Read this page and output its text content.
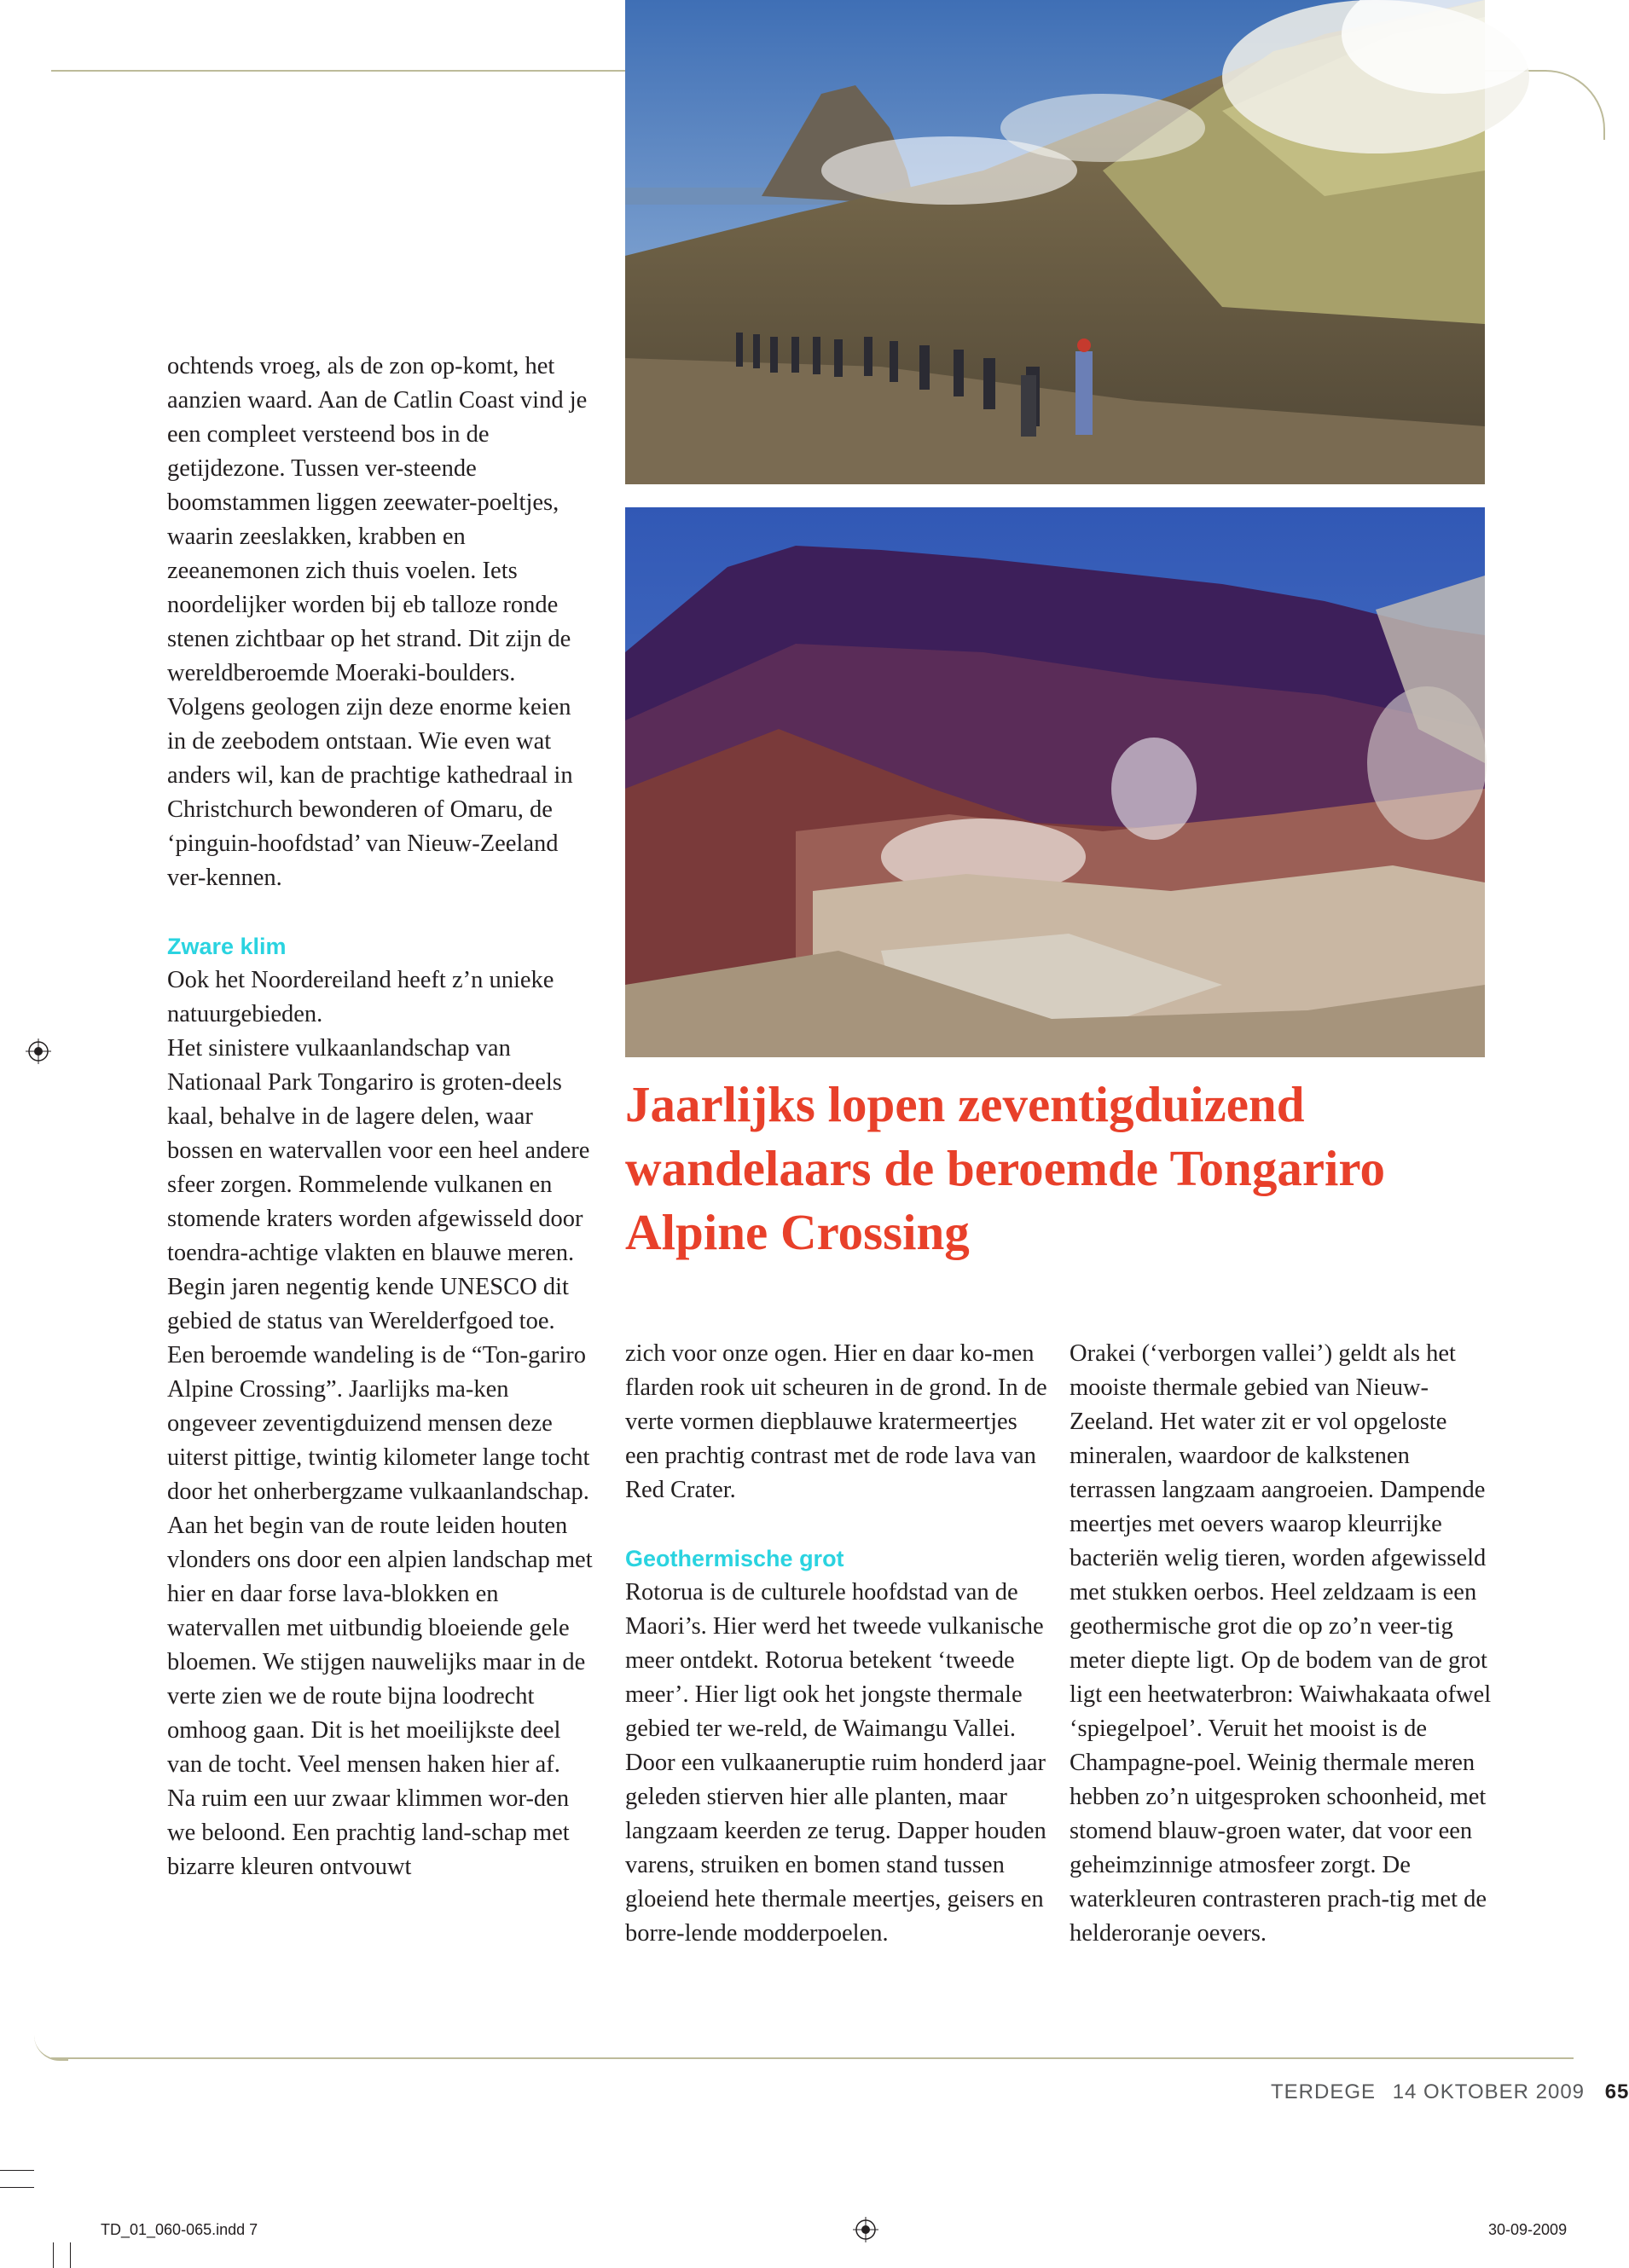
Jaarlijks lopen zeventigduizend wandelaars de beroemde Tongariro Alpine Crossing

ochtends vroeg, als de zon op-komt, het aanzien waard. Aan de Catlin Coast vind je een compleet versteend bos in de getijdezone. Tussen ver-steende boomstammen liggen zeewater-poeltjes, waarin zeeslakken, krabben en zeeanemonen zich thuis voelen. Iets noordelijker worden bij eb talloze ronde stenen zichtbaar op het strand. Dit zijn de wereldberoemde Moeraki-boulders. Volgens geologen zijn deze enorme keien in de zeebodem ontstaan. Wie even wat anders wil, kan de prachtige kathedraal in Christchurch bewonderen of Omaru, de ‘pinguin-hoofdstad’ van Nieuw-Zeeland ver-kennen.

Zware klim

Ook het Noordereiland heeft z’n unieke natuurgebieden.

Het sinistere vulkaanlandschap van Nationaal Park Tongariro is groten-deels kaal, behalve in de lagere delen, waar bossen en watervallen voor een heel andere sfeer zorgen. Rommelende vulkanen en stomende kraters worden afgewisseld door toendra-achtige vlakten en blauwe meren. Begin jaren negentig kende UNESCO dit gebied de status van Werelderfgoed toe.

Een beroemde wandeling is de “Ton-gariro Alpine Crossing”. Jaarlijks ma-ken ongeveer zeventigduizend mensen deze uiterst pittige, twintig kilometer lange tocht door het onherbergzame vulkaanlandschap.

Aan het begin van de route leiden houten vlonders ons door een alpien landschap met hier en daar forse lava-blokken en watervallen met uitbundig bloeiende gele bloemen. We stijgen nauwelijks maar in de verte zien we de route bijna loodrecht omhoog gaan. Dit is het moeilijkste deel van de tocht. Veel mensen haken hier af.

Na ruim een uur zwaar klimmen wor-den we beloond. Een prachtig land-schap met bizarre kleuren ontvouwt

zich voor onze ogen. Hier en daar ko-men flarden rook uit scheuren in de grond. In de verte vormen diepblauwe kratermeertjes een prachtig contrast met de rode lava van Red Crater.

Geothermische grot

Rotorua is de culturele hoofdstad van de Maori’s. Hier werd het tweede vulkanische meer ontdekt. Rotorua betekent ‘tweede meer’. Hier ligt ook het jongste thermale gebied ter we-reld, de Waimangu Vallei. Door een vulkaaneruptie ruim honderd jaar geleden stierven hier alle planten, maar langzaam keerden ze terug. Dapper houden varens, struiken en bomen stand tussen gloeiend hete thermale meertjes, geisers en borre-lende modderpoelen.

Orakei (‘verborgen vallei’) geldt als het mooiste thermale gebied van Nieuw-Zeeland. Het water zit er vol opgeloste mineralen, waardoor de kalkstenen terrassen langzaam aangroeien. Dampende meertjes met oevers waarop kleurrijke bacteriën welig tieren, worden afgewisseld met stukken oerbos. Heel zeldzaam is een geothermische grot die op zo’n veer-tig meter diepte ligt. Op de bodem van de grot ligt een heetwaterbron: Waiwhakaata ofwel ‘spiegelpoel’. Veruit het mooist is de Champagne-poel. Weinig thermale meren hebben zo’n uitgesproken schoonheid, met stomend blauw-groen water, dat voor een geheimzinnige atmosfeer zorgt. De waterkleuren contrasteren prach-tig met de helderoranje oevers.

TERDEGE 14 OKTOBER 2009 65
TD_01_060-065.indd 7	30-09-2009
